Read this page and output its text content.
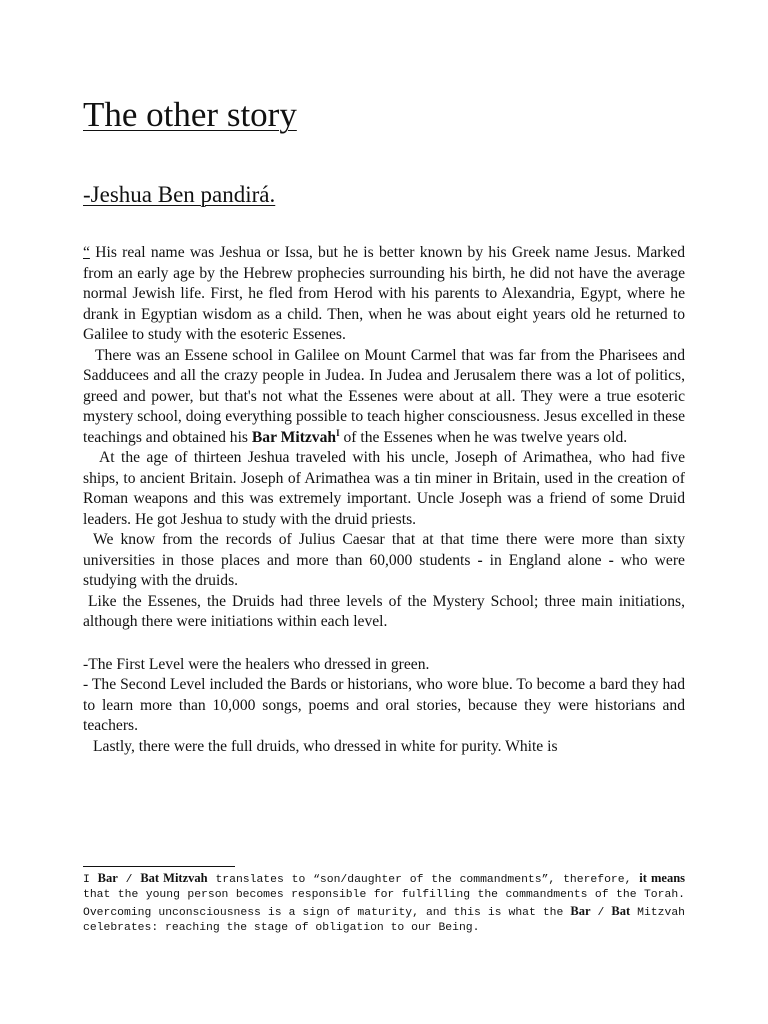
The other story
-Jeshua Ben pandirá.

“ His real name was Jeshua or Issa, but he is better known by his Greek name Jesus. Marked from an early age by the Hebrew prophecies surrounding his birth, he did not have the average normal Jewish life. First, he fled from Herod with his parents to Alexandria, Egypt, where he drank in Egyptian wisdom as a child. Then, when he was about eight years old he returned to Galilee to study with the esoteric Essenes.

There was an Essene school in Galilee on Mount Carmel that was far from the Pharisees and Sadducees and all the crazy people in Judea. In Judea and Jerusalem there was a lot of politics, greed and power, but that's not what the Essenes were about at all. They were a true esoteric mystery school, doing everything possible to teach higher consciousness. Jesus excelled in these teachings and obtained his Bar Mitzvah$^I$ of the Essenes when he was twelve years old.

At the age of thirteen Jeshua traveled with his uncle, Joseph of Arimathea, who had five ships, to ancient Britain. Joseph of Arimathea was a tin miner in Britain, used in the creation of Roman weapons and this was extremely important. Uncle Joseph was a friend of some Druid leaders. He got Jeshua to study with the druid priests.

We know from the records of Julius Caesar that at that time there were more than sixty universities in those places and more than 60,000 students - in England alone - who were studying with the druids.

Like the Essenes, the Druids had three levels of the Mystery School; three main initiations, although there were initiations within each level.

-The First Level were the healers who dressed in green.

- The Second Level included the Bards or historians, who wore blue. To become a bard they had to learn more than 10,000 songs, poems and oral stories, because they were historians and teachers.

Lastly, there were the full druids, who dressed in white for purity. White is

I Bar / Bat Mitzvah translates to “son/daughter of the commandments”, therefore, it means that the young person becomes responsible for fulfilling the commandments of the Torah. Overcoming unconsciousness is a sign of maturity, and this is what the Bar / Bat Mitzvah celebrates: reaching the stage of obligation to our Being.
